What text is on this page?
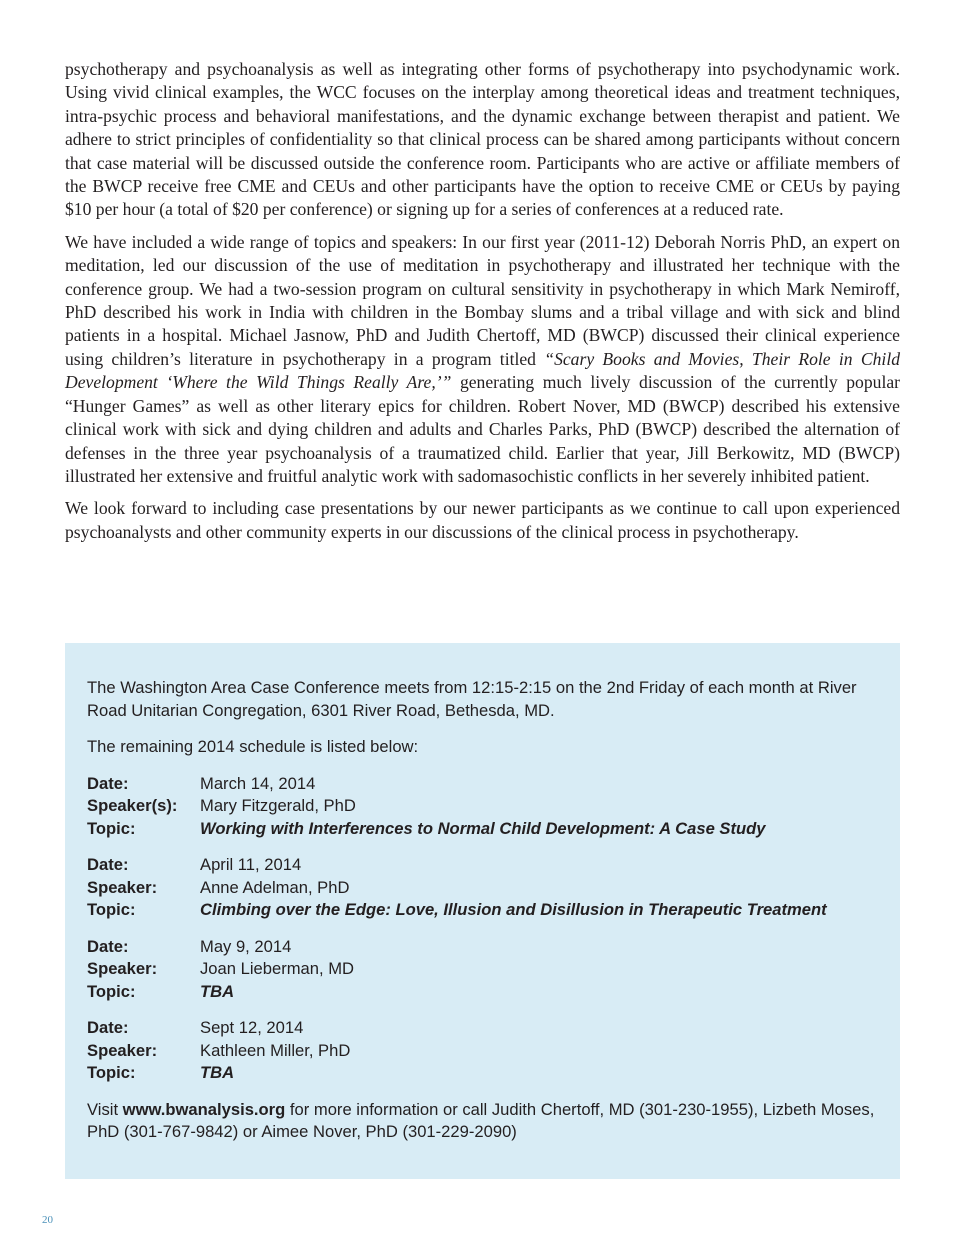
psychotherapy and psychoanalysis as well as integrating other forms of psychotherapy into psychodynamic work. Using vivid clinical examples, the WCC focuses on the interplay among theoretical ideas and treatment techniques, intra-psychic process and behavioral manifestations, and the dynamic exchange between therapist and patient. We adhere to strict principles of confidentiality so that clinical process can be shared among participants without concern that case material will be discussed outside the conference room. Participants who are active or affiliate members of the BWCP receive free CME and CEUs and other participants have the option to receive CME or CEUs by paying $10 per hour (a total of $20 per conference) or signing up for a series of conferences at a reduced rate.

We have included a wide range of topics and speakers: In our first year (2011-12) Deborah Norris PhD, an expert on meditation, led our discussion of the use of meditation in psychotherapy and illustrated her technique with the conference group. We had a two-session program on cultural sensitivity in psychotherapy in which Mark Nemiroff, PhD described his work in India with children in the Bombay slums and a tribal village and with sick and blind patients in a hospital. Michael Jasnow, PhD and Judith Chertoff, MD (BWCP) discussed their clinical experience using children’s literature in psychotherapy in a program titled “Scary Books and Movies, Their Role in Child Development ‘Where the Wild Things Really Are,’” generating much lively discussion of the currently popular “Hunger Games” as well as other literary epics for children. Robert Nover, MD (BWCP) described his extensive clinical work with sick and dying children and adults and Charles Parks, PhD (BWCP) described the alternation of defenses in the three year psychoanalysis of a traumatized child. Earlier that year, Jill Berkowitz, MD (BWCP) illustrated her extensive and fruitful analytic work with sadomasochistic conflicts in her severely inhibited patient.

We look forward to including case presentations by our newer participants as we continue to call upon experienced psychoanalysts and other community experts in our discussions of the clinical process in psychotherapy.

The Washington Area Case Conference meets from 12:15-2:15 on the 2nd Friday of each month at River Road Unitarian Congregation, 6301 River Road, Bethesda, MD.

The remaining 2014 schedule is listed below:

Date:	March 14, 2014
Speaker(s):	Mary Fitzgerald, PhD
Topic:	Working with Interferences to Normal Child Development: A Case Study
Date:	April 11, 2014
Speaker:	Anne Adelman, PhD
Topic:	Climbing over the Edge: Love, Illusion and Disillusion in Therapeutic Treatment
Date:	May 9, 2014
Speaker:	Joan Lieberman, MD
Topic:	TBA
Date:	Sept 12, 2014
Speaker:	Kathleen Miller, PhD
Topic:	TBA

Visit www.bwanalysis.org for more information or call Judith Chertoff, MD (301-230-1955), Lizbeth Moses, PhD (301-767-9842) or Aimee Nover, PhD (301-229-2090)

20
